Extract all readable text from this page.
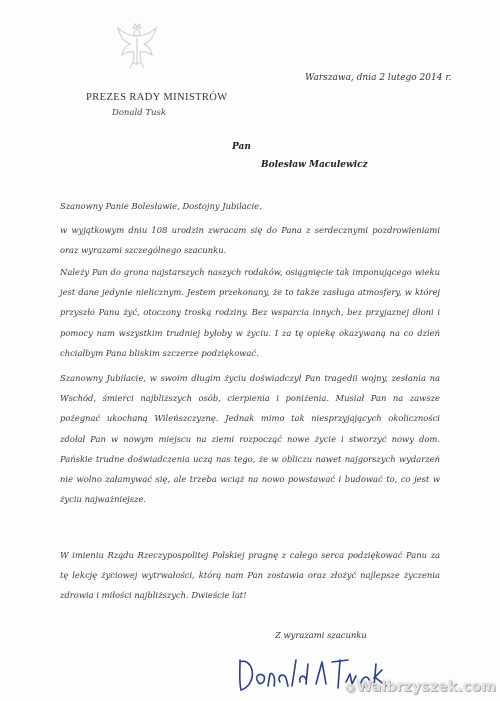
PREZES RADY MINISTRÓW
Donald Tusk
Warszawa, dnia 2 lutego 2014 r.
Pan
Bolesław Maculewicz
Szanowny Panie Bolesławie, Dostojny Jubilacie,
w wyjątkowym dniu 108 urodzin zwracam się do Pana z serdecznymi pozdrowieniami oraz wyrazami szczególnego szacunku.
Należy Pan do grona najstarszych naszych rodaków, osiągnięcie tak imponującego wieku jest dane jedynie nielicznym. Jestem przekonany, że to także zasługa atmosfery, w której przyszło Panu żyć, otoczony troską rodziny. Bez wsparcia innych, bez przyjaznej dłoni i pomocy nam wszystkim trudniej byłoby w życiu. I za tę opiekę okazywaną na co dzień chciałbym Pana bliskim szczerze podziękować.
Szanowny Jubilacie, w swoim długim życiu doświadczył Pan tragedii wojny, zesłania na Wschód, śmierci najbliższych osób, cierpienia i poniżenia. Musiał Pan na zawsze pożegnać ukochaną Wileńszczyznę. Jednak mimo tak niesprzyjających okoliczności zdołał Pan w nowym miejscu na ziemi rozpocząć nowe życie i stworzyć nowy dom. Pańskie trudne doświadczenia uczą nas tego, że w obliczu nawet najgorszych wydarzeń nie wolno załamywać się, ale trzeba wciąż na nowo powstawać i budować to, co jest w życiu najważniejsze.
W imieniu Rządu Rzeczypospolitej Polskiej pragnę z całego serca podziękować Panu za tę lekcję życiowej wytrwałości, którą nam Pan zostawia oraz złożyć najlepsze życzenia zdrowia i miłości najbliższych. Dwieście lat!
Z wyrazami szacunku
◉Walbrzyszek.com
